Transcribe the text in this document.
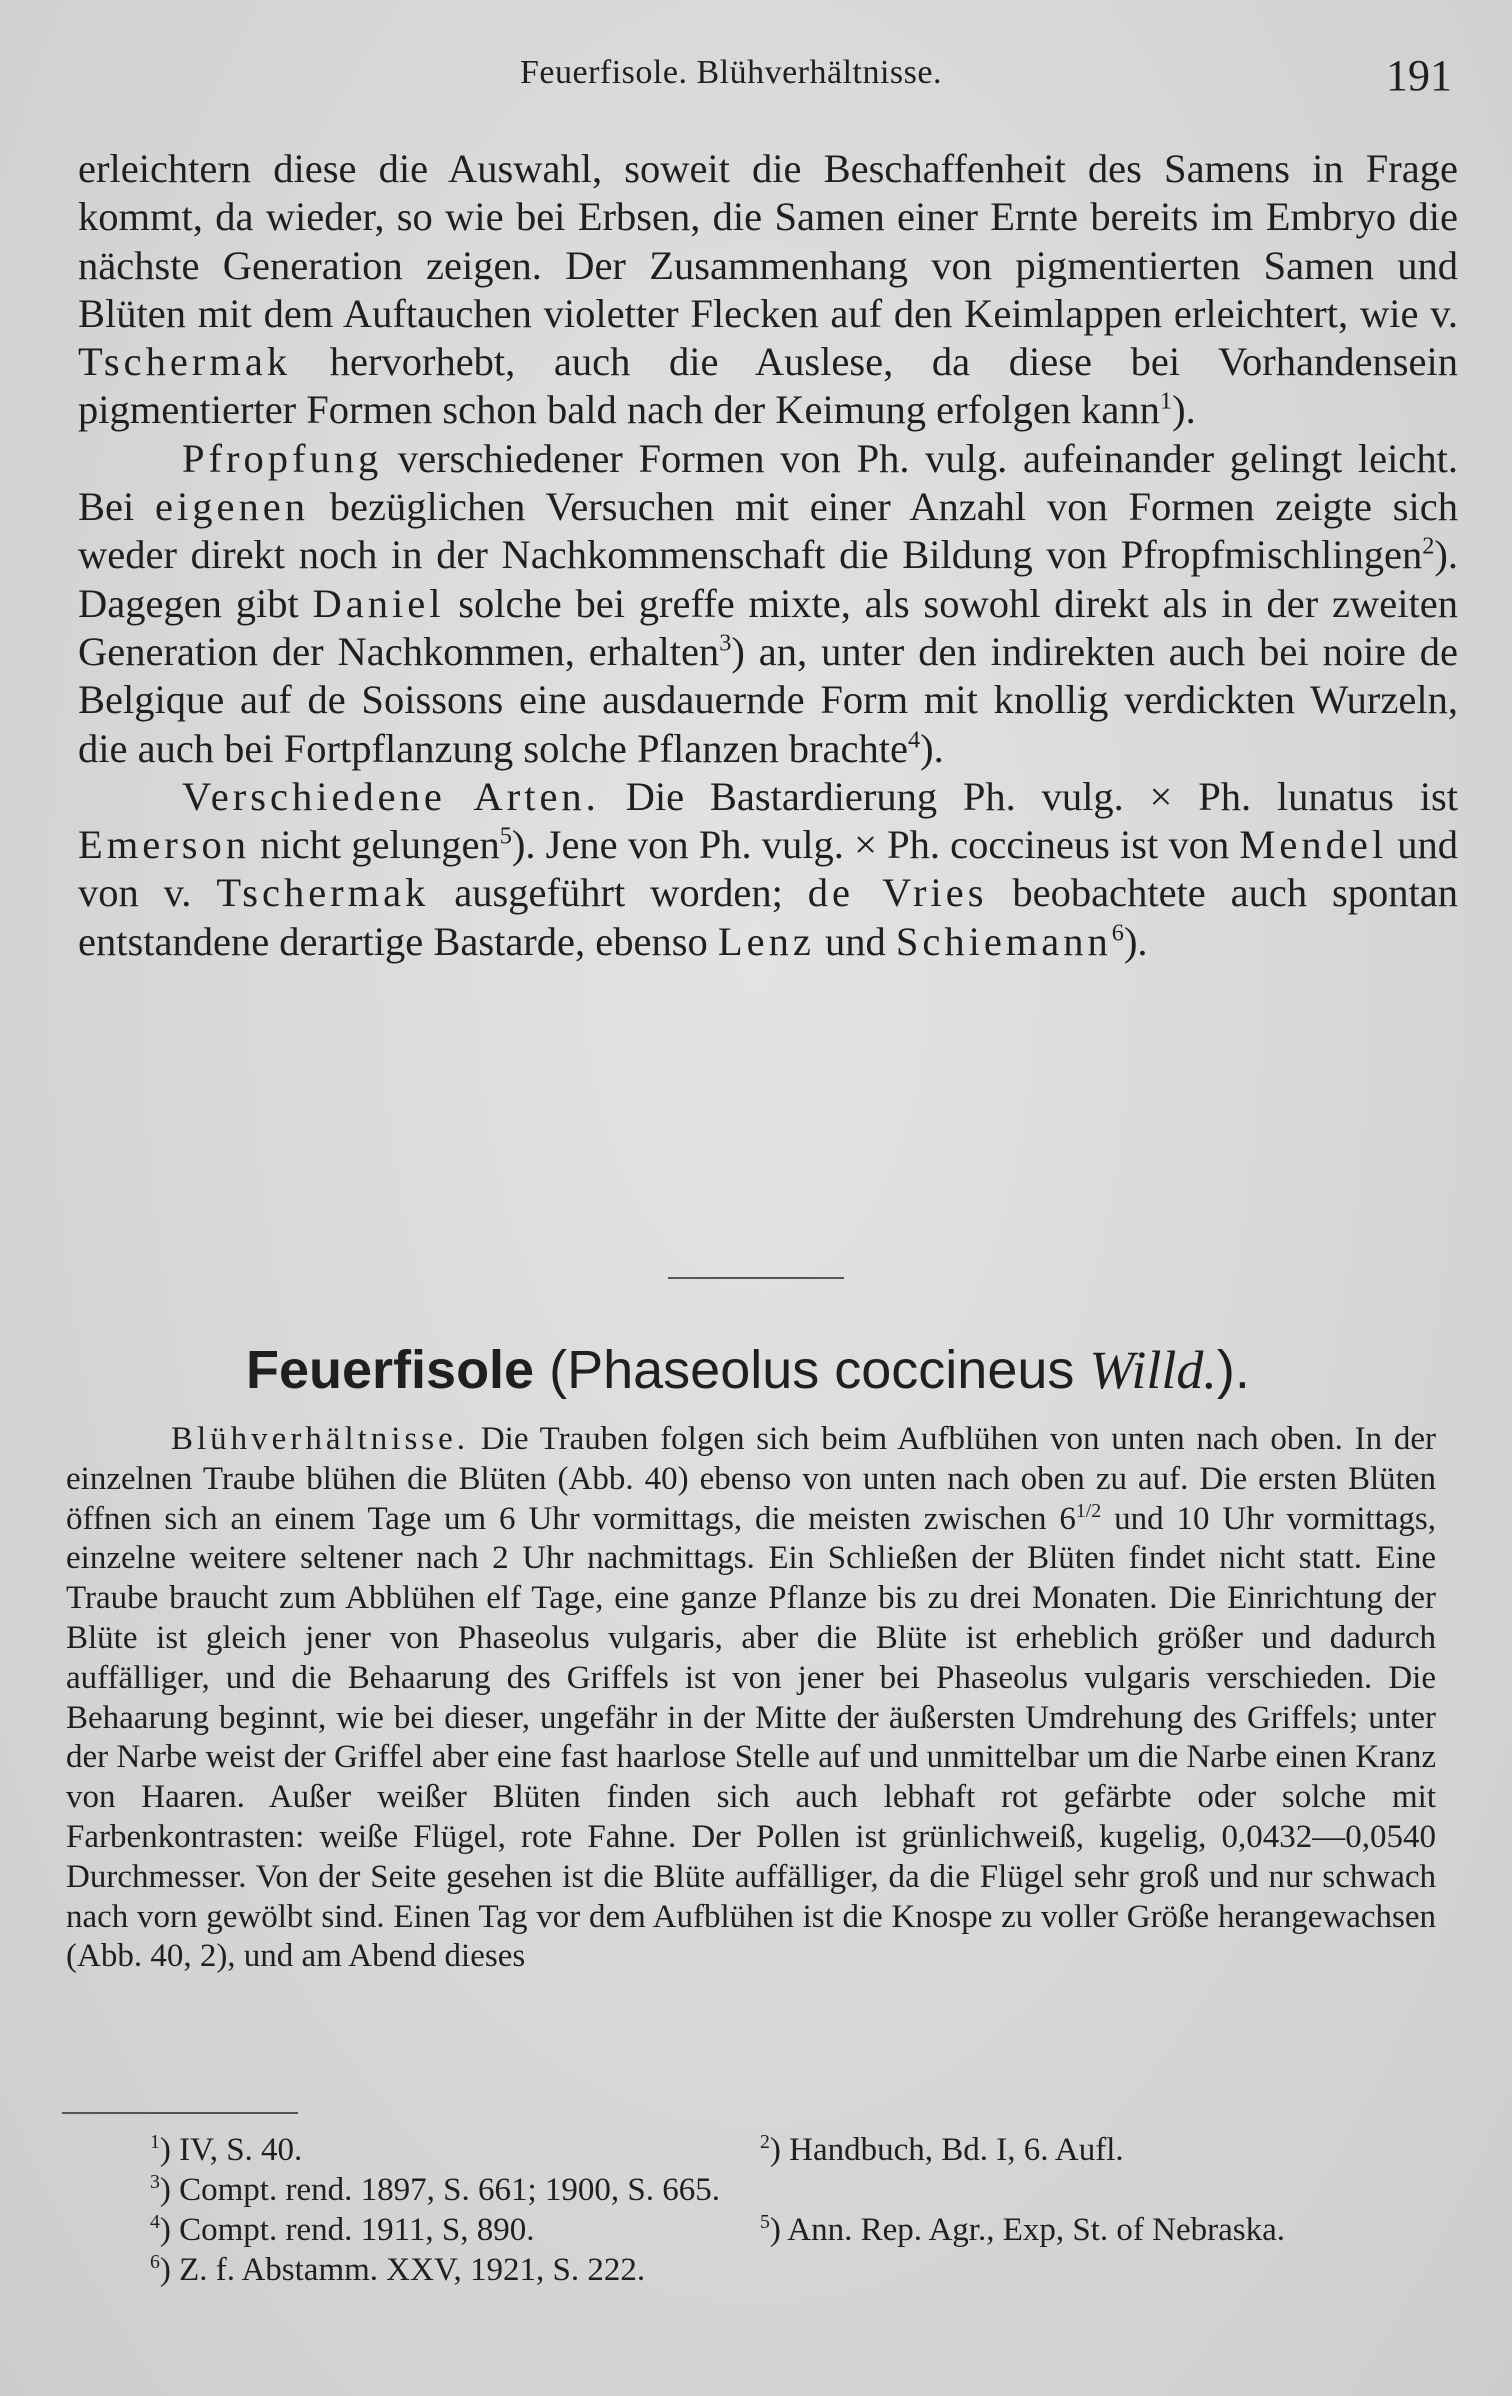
Feuerfisole. Blühverhältnisse.	191

erleichtern diese die Auswahl, soweit die Beschaffenheit des Samens in Frage kommt, da wieder, so wie bei Erbsen, die Samen einer Ernte bereits im Embryo die nächste Generation zeigen. Der Zusammenhang von pigmentierten Samen und Blüten mit dem Auftauchen violetter Flecken auf den Keimlappen erleichtert, wie v. Tschermak hervorhebt, auch die Auslese, da diese bei Vorhandensein pigmentierter Formen schon bald nach der Keimung erfolgen kann$^1$).

Pfropfung verschiedener Formen von Ph. vulg. aufeinander gelingt leicht. Bei eigenen bezüglichen Versuchen mit einer Anzahl von Formen zeigte sich weder direkt noch in der Nachkommenschaft die Bildung von Pfropfmischlingen$^2$). Dagegen gibt Daniel solche bei greffe mixte, als sowohl direkt als in der zweiten Generation der Nachkommen, erhalten$^3$) an, unter den indirekten auch bei noire de Belgique auf de Soissons eine ausdauernde Form mit knollig verdickten Wurzeln, die auch bei Fortpflanzung solche Pflanzen brachte$^4$).

Verschiedene Arten. Die Bastardierung Ph. vulg. × Ph. lunatus ist Emerson nicht gelungen$^5$). Jene von Ph. vulg. × Ph. coccineus ist von Mendel und von v. Tschermak ausgeführt worden; de Vries beobachtete auch spontan entstandene derartige Bastarde, ebenso Lenz und Schiemann$^6$).

Feuerfisole (Phaseolus coccineus Willd.).

Blühverhältnisse. Die Trauben folgen sich beim Aufblühen von unten nach oben. In der einzelnen Traube blühen die Blüten (Abb. 40) ebenso von unten nach oben zu auf. Die ersten Blüten öffnen sich an einem Tage um 6 Uhr vormittags, die meisten zwischen $6^{1/2}$ und 10 Uhr vormittags, einzelne weitere seltener nach 2 Uhr nachmittags. Ein Schließen der Blüten findet nicht statt. Eine Traube braucht zum Abblühen elf Tage, eine ganze Pflanze bis zu drei Monaten. Die Einrichtung der Blüte ist gleich jener von Phaseolus vulgaris, aber die Blüte ist erheblich größer und dadurch auffälliger, und die Behaarung des Griffels ist von jener bei Phaseolus vulgaris verschieden. Die Behaarung beginnt, wie bei dieser, ungefähr in der Mitte der äußersten Umdrehung des Griffels; unter der Narbe weist der Griffel aber eine fast haarlose Stelle auf und unmittelbar um die Narbe einen Kranz von Haaren. Außer weißer Blüten finden sich auch lebhaft rot gefärbte oder solche mit Farbenkontrasten: weiße Flügel, rote Fahne. Der Pollen ist grünlichweiß, kugelig, 0,0432—0,0540 Durchmesser. Von der Seite gesehen ist die Blüte auffälliger, da die Flügel sehr groß und nur schwach nach vorn gewölbt sind. Einen Tag vor dem Aufblühen ist die Knospe zu voller Größe herangewachsen (Abb. 40, 2), und am Abend dieses

$^1$) IV, S. 40.	$^2$) Handbuch, Bd. I, 6. Aufl.
$^3$) Compt. rend. 1897, S. 661; 1900, S. 665.
$^4$) Compt. rend. 1911, S, 890.	$^5$) Ann. Rep. Agr., Exp, St. of Nebraska.
$^6$) Z. f. Abstamm. XXV, 1921, S. 222.
